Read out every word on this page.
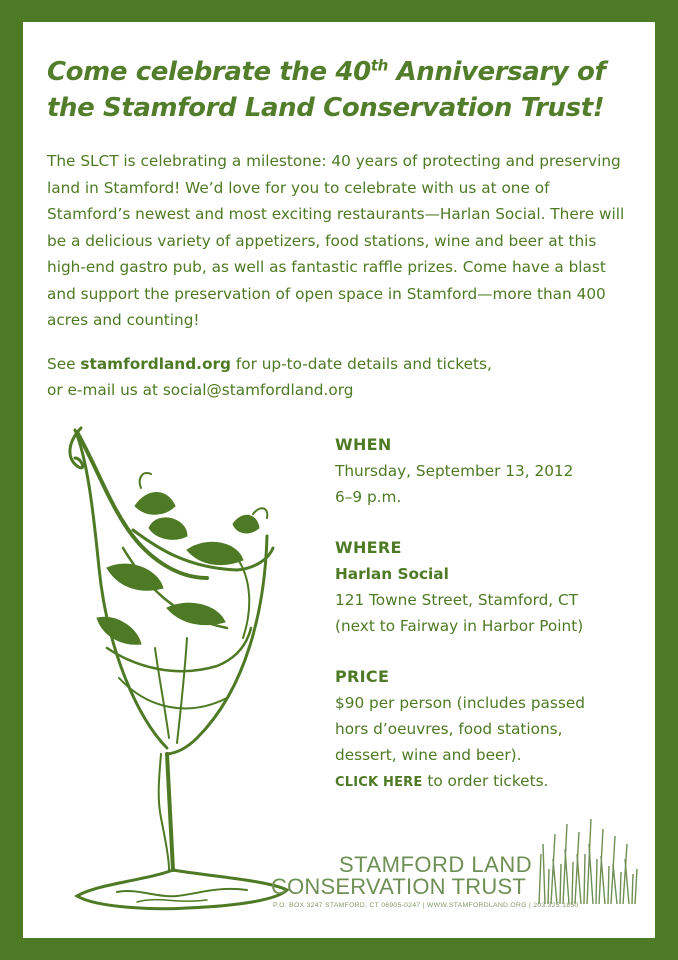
Come celebrate the 40th Anniversary of
the Stamford Land Conservation Trust!

The SLCT is celebrating a milestone: 40 years of protecting and preserving land in Stamford! We’d love for you to celebrate with us at one of Stamford’s newest and most exciting restaurants—Harlan Social. There will be a delicious variety of appetizers, food stations, wine and beer at this high-end gastro pub, as well as fantastic raffle prizes. Come have a blast and support the preservation of open space in Stamford—more than 400 acres and counting!

See stamfordland.org for up-to-date details and tickets,
or e-mail us at social@stamfordland.org

WHEN
Thursday, September 13, 2012
6–9 p.m.
WHERE
Harlan Social
121 Towne Street, Stamford, CT
(next to Fairway in Harbor Point)
PRICE
$90 per person (includes passed
hors d’oeuvres, food stations,
dessert, wine and beer).
CLICK HERE to order tickets.
STAMFORD LAND
CONSERVATION TRUST
P.O. BOX 3247 STAMFORD, CT 06905-0247 | WWW.STAMFORDLAND.ORG | 203.325.1850
